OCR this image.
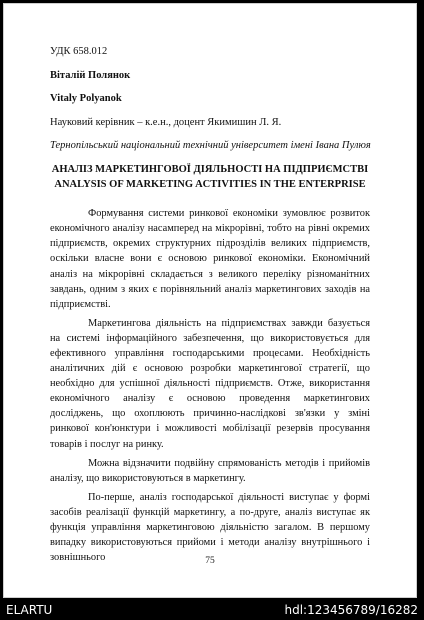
УДК 658.012
Віталій Полянок
Vitaly Polyanok
Науковий керівник – к.е.н., доцент Якимишин Л. Я.
Тернопільський національний технічний університет імені Івана Пулюя
АНАЛІЗ МАРКЕТИНГОВОЇ ДІЯЛЬНОСТІ НА ПІДПРИЄМСТВІ
ANALYSIS OF MARKETING ACTIVITIES IN THE ENTERPRISE

Формування системи ринкової економіки зумовлює розвиток економічного аналізу насамперед на мікрорівні, тобто на рівні окремих підприємств, окремих структурних підрозділів великих підприємств, оскільки власне вони є основою ринкової економіки. Економічний аналіз на мікрорівні складається з великого переліку різноманітних завдань, одним з яких є порівняльний аналіз маркетингових заходів на підприємстві.

Маркетингова діяльність на підприємствах завжди базується на системі інформаційного забезпечення, що використовується для ефективного управління господарськими процесами. Необхідність аналітичних дій є основою розробки маркетингової стратегії, що необхідно для успішної діяльності підприємств. Отже, використання економічного аналізу є основою проведення маркетингових досліджень, що охоплюють причинно-наслідкові зв'язки у зміні ринкової кон'юнктури і можливості мобілізації резервів просування товарів і послуг на ринку.

Можна відзначити подвійну спрямованість методів і прийомів аналізу, що використовуються в маркетингу.

По-перше, аналіз господарської діяльності виступає у формі засобів реалізації функцій маркетингу, а по-друге, аналіз виступає як функція управління маркетинговою діяльністю загалом. В першому випадку використовуються прийоми і методи аналізу внутрішнього і зовнішнього	75
ELARTU	hdl:123456789/16282
